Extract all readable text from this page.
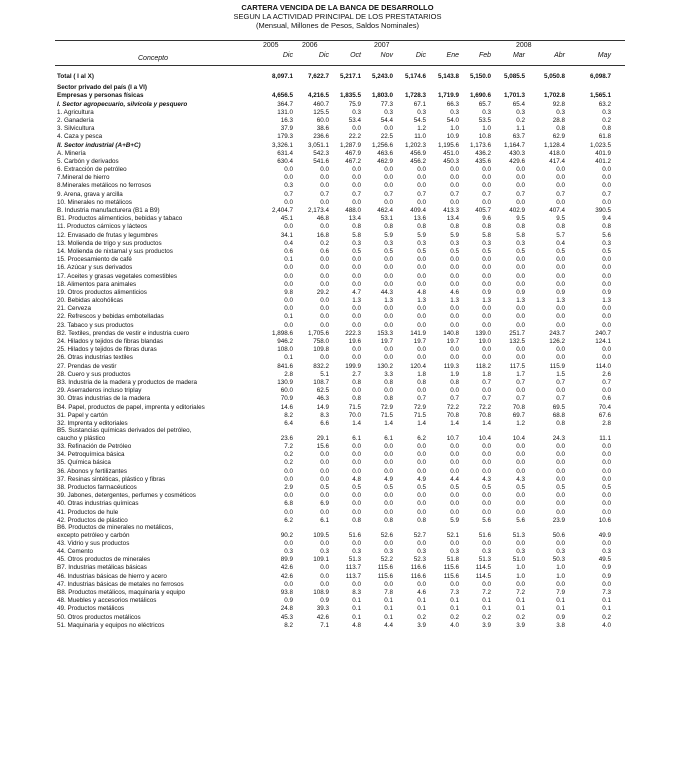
CARTERA VENCIDA DE LA BANCA DE DESARROLLO
SEGUN LA ACTIVIDAD PRINCIPAL DE LOS PRESTATARIOS
(Mensual, Millones de Pesos, Saldos Nominales)
2005	2006	2007	2008
Concepto	Dic	Dic	Oct	Nov	Dic	Ene	Feb	Mar	Abr	May
Total ( I al X)	8,097.1	7,622.7	5,217.1	5,243.0	5,174.6	5,143.8	5,150.0	5,085.5	5,050.8	6,098.7
Sector privado del país (I a VI)
Empresas y personas físicas	4,656.5	4,216.5	1,835.5	1,803.0	1,728.3	1,719.9	1,690.6	1,701.3	1,702.8	1,565.1
I. Sector agropecuario, silvícola y pesquero	364.7	460.7	75.9	77.3	67.1	66.3	65.7	65.4	92.8	63.2
1. Agricultura	131.0	125.5	0.3	0.3	0.3	0.3	0.3	0.3	0.3	0.3
2. Ganadería	16.3	60.0	53.4	54.4	54.5	54.0	53.5	0.2	28.8	0.2
3. Silvicultura	37.9	38.6	0.0	0.0	1.2	1.0	1.0	1.1	0.8	0.8
4. Caza y pesca	179.3	236.6	22.2	22.5	11.0	10.9	10.8	63.7	62.9	61.8
II. Sector industrial (A+B+C)	3,326.1	3,051.1	1,287.9	1,256.6	1,202.3	1,195.6	1,173.6	1,164.7	1,128.4	1,023.5
A. Minería	631.4	542.3	467.9	463.6	456.9	451.0	436.2	430.3	418.0	401.9
5. Carbón y derivados	630.4	541.6	467.2	462.9	456.2	450.3	435.6	429.6	417.4	401.2
6. Extracción de petróleo	0.0	0.0	0.0	0.0	0.0	0.0	0.0	0.0	0.0	0.0
7.Mineral de hierro	0.0	0.0	0.0	0.0	0.0	0.0	0.0	0.0	0.0	0.0
8.Minerales metálicos no ferrosos	0.3	0.0	0.0	0.0	0.0	0.0	0.0	0.0	0.0	0.0
9. Arena, grava y arcilla	0.7	0.7	0.7	0.7	0.7	0.7	0.7	0.7	0.7	0.7
10. Minerales no metálicos	0.0	0.0	0.0	0.0	0.0	0.0	0.0	0.0	0.0	0.0
B. Industria manufacturera (B1 a B9)	2,404.7	2,173.4	488.0	462.4	409.4	413.3	405.7	402.9	407.4	390.5
B1. Productos alimenticios, bebidas y tabaco	45.1	46.8	13.4	53.1	13.6	13.4	9.6	9.5	9.5	9.4
11. Productos cárnicos y lácteos	0.0	0.0	0.8	0.8	0.8	0.8	0.8	0.8	0.8	0.8
12. Envasado de frutas y legumbres	34.1	16.8	5.8	5.9	5.9	5.9	5.8	5.8	5.7	5.6
13. Molienda de trigo y sus productos	0.4	0.2	0.3	0.3	0.3	0.3	0.3	0.3	0.4	0.3
14. Molienda de nixtamal y sus productos	0.6	0.6	0.5	0.5	0.5	0.5	0.5	0.5	0.5	0.5
15. Procesamiento de café	0.1	0.0	0.0	0.0	0.0	0.0	0.0	0.0	0.0	0.0
16. Azúcar y sus derivados	0.0	0.0	0.0	0.0	0.0	0.0	0.0	0.0	0.0	0.0
17. Aceites y grasas vegetales comestibles	0.0	0.0	0.0	0.0	0.0	0.0	0.0	0.0	0.0	0.0
18. Alimentos para animales	0.0	0.0	0.0	0.0	0.0	0.0	0.0	0.0	0.0	0.0
19. Otros productos alimenticios	9.8	29.2	4.7	44.3	4.8	4.6	0.9	0.9	0.9	0.9
20. Bebidas alcohólicas	0.0	0.0	1.3	1.3	1.3	1.3	1.3	1.3	1.3	1.3
21. Cerveza	0.0	0.0	0.0	0.0	0.0	0.0	0.0	0.0	0.0	0.0
22. Refrescos y bebidas embotelladas	0.1	0.0	0.0	0.0	0.0	0.0	0.0	0.0	0.0	0.0
23. Tabaco y sus productos	0.0	0.0	0.0	0.0	0.0	0.0	0.0	0.0	0.0	0.0
B2. Textiles, prendas de vestir e industria cuero	1,898.6	1,705.6	222.3	153.3	141.9	140.8	139.0	251.7	243.7	240.7
24. Hilados y tejidos de fibras blandas	946.2	758.0	19.6	19.7	19.7	19.7	19.0	132.5	126.2	124.1
25. Hilados y tejidos de fibras duras	108.0	109.8	0.0	0.0	0.0	0.0	0.0	0.0	0.0	0.0
26. Otras industrias textiles	0.1	0.0	0.0	0.0	0.0	0.0	0.0	0.0	0.0	0.0
27. Prendas de vestir	841.6	832.2	199.9	130.2	120.4	119.3	118.2	117.5	115.9	114.0
28. Cuero y sus productos	2.8	5.1	2.7	3.3	1.8	1.9	1.8	1.7	1.5	2.6
B3. Industria de la madera y productos de madera	130.9	108.7	0.8	0.8	0.8	0.8	0.7	0.7	0.7	0.7
29. Aserraderos incluso triplay	60.0	62.5	0.0	0.0	0.0	0.0	0.0	0.0	0.0	0.0
30. Otras industrias de la madera	70.9	46.3	0.8	0.8	0.7	0.7	0.7	0.7	0.7	0.6
B4. Papel, productos de papel, imprenta y editoriales	14.6	14.9	71.5	72.9	72.9	72.2	72.2	70.8	69.5	70.4
31. Papel y cartón	8.2	8.3	70.0	71.5	71.5	70.8	70.8	69.7	68.8	67.6
32. Imprenta y editoriales	6.4	6.6	1.4	1.4	1.4	1.4	1.4	1.2	0.8	2.8
B5. Sustancias químicas derivados del petróleo,
caucho y plástico	23.6	29.1	6.1	6.1	6.2	10.7	10.4	10.4	24.3	11.1
33. Refinación de Petróleo	7.2	15.6	0.0	0.0	0.0	0.0	0.0	0.0	0.0	0.0
34. Petroquímica básica	0.2	0.0	0.0	0.0	0.0	0.0	0.0	0.0	0.0	0.0
35. Química básica	0.2	0.0	0.0	0.0	0.0	0.0	0.0	0.0	0.0	0.0
36. Abonos y fertilizantes	0.0	0.0	0.0	0.0	0.0	0.0	0.0	0.0	0.0	0.0
37. Resinas sintéticas, plástico y fibras	0.0	0.0	4.8	4.9	4.9	4.4	4.3	4.3	0.0	0.0
38. Productos farmacéuticos	2.9	0.5	0.5	0.5	0.5	0.5	0.5	0.5	0.5	0.5
39. Jabones, detergentes, perfumes y cosméticos	0.0	0.0	0.0	0.0	0.0	0.0	0.0	0.0	0.0	0.0
40. Otras industrias químicas	6.8	6.9	0.0	0.0	0.0	0.0	0.0	0.0	0.0	0.0
41. Productos de hule	0.0	0.0	0.0	0.0	0.0	0.0	0.0	0.0	0.0	0.0
42. Productos de plástico	6.2	6.1	0.8	0.8	0.8	5.9	5.6	5.6	23.9	10.6
B6. Productos de minerales no metálicos,
excepto petróleo y carbón	90.2	109.5	51.6	52.6	52.7	52.1	51.6	51.3	50.6	49.9
43. Vidrio y sus productos	0.0	0.0	0.0	0.0	0.0	0.0	0.0	0.0	0.0	0.0
44. Cemento	0.3	0.3	0.3	0.3	0.3	0.3	0.3	0.3	0.3	0.3
45. Otros productos de minerales	89.9	109.1	51.3	52.2	52.3	51.8	51.3	51.0	50.3	49.5
B7. Industrias metálicas básicas	42.6	0.0	113.7	115.6	116.6	115.6	114.5	1.0	1.0	0.9
46. Industrias básicas de hierro y acero	42.6	0.0	113.7	115.6	116.6	115.6	114.5	1.0	1.0	0.9
47. Industrias básicas de metales no ferrosos	0.0	0.0	0.0	0.0	0.0	0.0	0.0	0.0	0.0	0.0
B8. Productos metálicos, maquinaria y equipo	93.8	108.9	8.3	7.8	4.6	7.3	7.2	7.2	7.9	7.3
48. Muebles y accesorios metálicos	0.9	0.9	0.1	0.1	0.1	0.1	0.1	0.1	0.1	0.1
49. Productos metálicos	24.8	39.3	0.1	0.1	0.1	0.1	0.1	0.1	0.1	0.1
50. Otros productos metálicos	45.3	42.6	0.1	0.1	0.2	0.2	0.2	0.2	0.9	0.2
51. Maquinaria y equipos no eléctricos	8.2	7.1	4.8	4.4	3.9	4.0	3.9	3.9	3.8	4.0
